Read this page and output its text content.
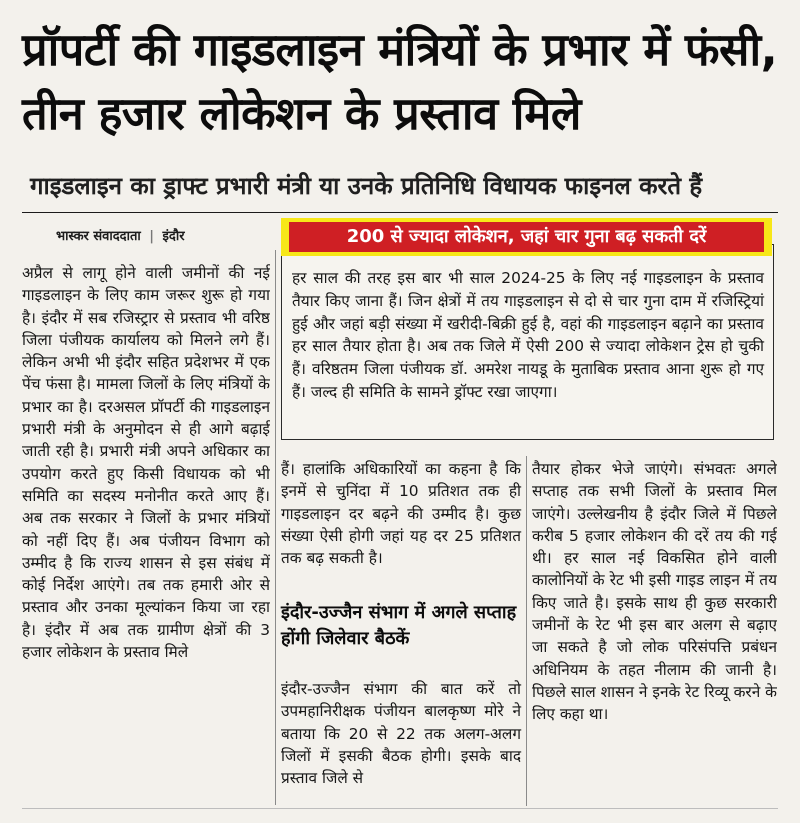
प्रॉपर्टी की गाइडलाइन मंत्रियों के प्रभार में फंसी, तीन हजार लोकेशन के प्रस्ताव मिले
गाइडलाइन का ड्राफ्ट प्रभारी मंत्री या उनके प्रतिनिधि विधायक फाइनल करते हैं
भास्कर संवाददाता | इंदौर

अप्रैल से लागू होने वाली जमीनों की नई गाइडलाइन के लिए काम जरूर शुरू हो गया है। इंदौर में सब रजिस्ट्रार से प्रस्ताव भी वरिष्ठ जिला पंजीयक कार्यालय को मिलने लगे हैं। लेकिन अभी भी इंदौर सहित प्रदेशभर में एक पेंच फंसा है। मामला जिलों के लिए मंत्रियों के प्रभार का है। दरअसल प्रॉपर्टी की गाइडलाइन प्रभारी मंत्री के अनुमोदन से ही आगे बढ़ाई जाती रही है। प्रभारी मंत्री अपने अधिकार का उपयोग करते हुए किसी विधायक को भी समिति का सदस्य मनोनीत करते आए हैं। अब तक सरकार ने जिलों के प्रभार मंत्रियों को नहीं दिए हैं। अब पंजीयन विभाग को उम्मीद है कि राज्य शासन से इस संबंध में कोई निर्देश आएंगे। तब तक हमारी ओर से प्रस्ताव और उनका मूल्यांकन किया जा रहा है। इंदौर में अब तक ग्रामीण क्षेत्रों की 3 हजार लोकेशन के प्रस्ताव मिले

हर साल की तरह इस बार भी साल 2024-25 के लिए नई गाइडलाइन के प्रस्ताव तैयार किए जाना हैं। जिन क्षेत्रों में तय गाइडलाइन से दो से चार गुना दाम में रजिस्ट्रियां हुई और जहां बड़ी संख्या में खरीदी-बिक्री हुई है, वहां की गाइडलाइन बढ़ाने का प्रस्ताव हर साल तैयार होता है। अब तक जिले में ऐसी 200 से ज्यादा लोकेशन ट्रेस हो चुकी हैं। वरिष्ठतम जिला पंजीयक डॉ. अमरेश नायडू के मुताबिक प्रस्ताव आना शुरू हो गए हैं। जल्द ही समिति के सामने ड्रॉफ्ट रखा जाएगा।
200 से ज्यादा लोकेशन, जहां चार गुना बढ़ सकती दरें

हैं। हालांकि अधिकारियों का कहना है कि इनमें से चुनिंदा में 10 प्रतिशत तक ही गाइडलाइन दर बढ़ने की उम्मीद है। कुछ संख्या ऐसी होगी जहां यह दर 25 प्रतिशत तक बढ़ सकती है।

इंदौर-उज्जैन संभाग में अगले सप्ताह होंगी जिलेवार बैठकें

इंदौर-उज्जैन संभाग की बात करें तो उपमहानिरीक्षक पंजीयन बालकृष्ण मोरे ने बताया कि 20 से 22 तक अलग-अलग जिलों में इसकी बैठक होगी। इसके बाद प्रस्ताव जिले से

तैयार होकर भेजे जाएंगे। संभवतः अगले सप्ताह तक सभी जिलों के प्रस्ताव मिल जाएंगे। उल्लेखनीय है इंदौर जिले में पिछले करीब 5 हजार लोकेशन की दरें तय की गई थी। हर साल नई विकसित होने वाली कालोनियों के रेट भी इसी गाइड लाइन में तय किए जाते है। इसके साथ ही कुछ सरकारी जमीनों के रेट भी इस बार अलग से बढ़ाए जा सकते है जो लोक परिसंपत्ति प्रबंधन अधिनियम के तहत नीलाम की जानी है। पिछले साल शासन ने इनके रेट रिव्यू करने के लिए कहा था।
